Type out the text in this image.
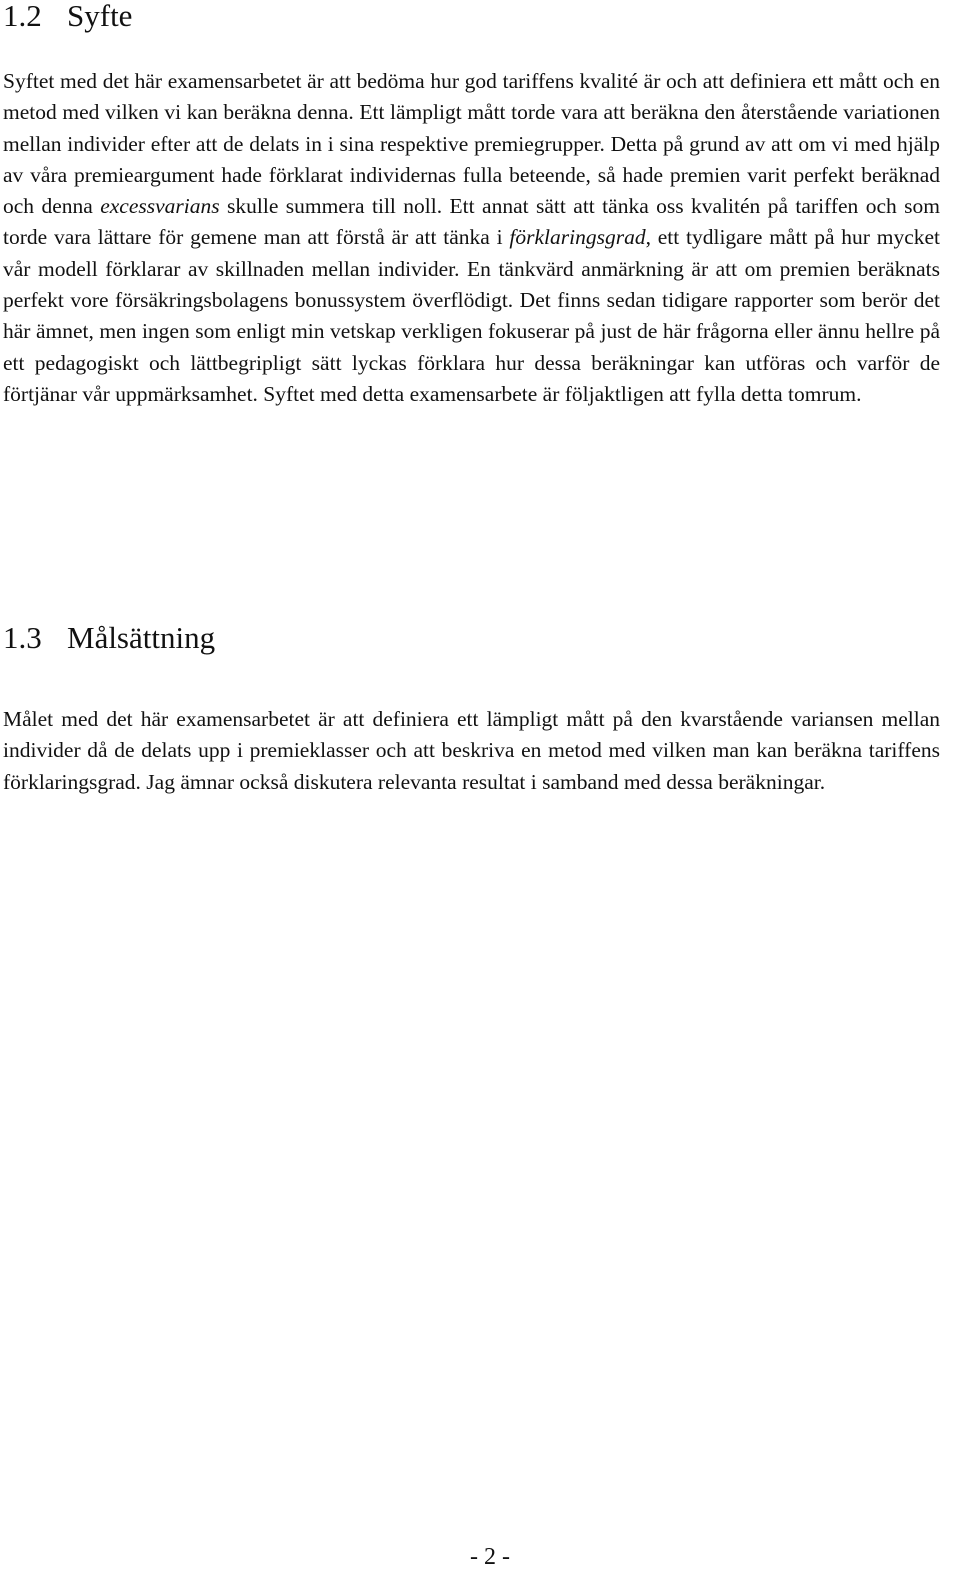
1.2 Syfte

Syftet med det här examensarbetet är att bedöma hur god tariffens kvalité är och att definiera ett mått och en metod med vilken vi kan beräkna denna. Ett lämpligt mått torde vara att beräkna den återstående variationen mellan individer efter att de delats in i sina respektive premiegrupper. Detta på grund av att om vi med hjälp av våra premieargument hade förklarat individernas fulla beteende, så hade premien varit perfekt beräknad och denna excessvarians skulle summera till noll. Ett annat sätt att tänka oss kvalitén på tariffen och som torde vara lättare för gemene man att förstå är att tänka i förklaringsgrad, ett tydligare mått på hur mycket vår modell förklarar av skillnaden mellan individer. En tänkvärd anmärkning är att om premien beräknats perfekt vore försäkringsbolagens bonussystem överflödigt. Det finns sedan tidigare rapporter som berör det här ämnet, men ingen som enligt min vetskap verkligen fokuserar på just de här frågorna eller ännu hellre på ett pedagogiskt och lättbegripligt sätt lyckas förklara hur dessa beräkningar kan utföras och varför de förtjänar vår uppmärksamhet. Syftet med detta examensarbete är följaktligen att fylla detta tomrum.

1.3 Målsättning

Målet med det här examensarbetet är att definiera ett lämpligt mått på den kvarstående variansen mellan individer då de delats upp i premieklasser och att beskriva en metod med vilken man kan beräkna tariffens förklaringsgrad. Jag ämnar också diskutera relevanta resultat i samband med dessa beräkningar.

- 2 -
